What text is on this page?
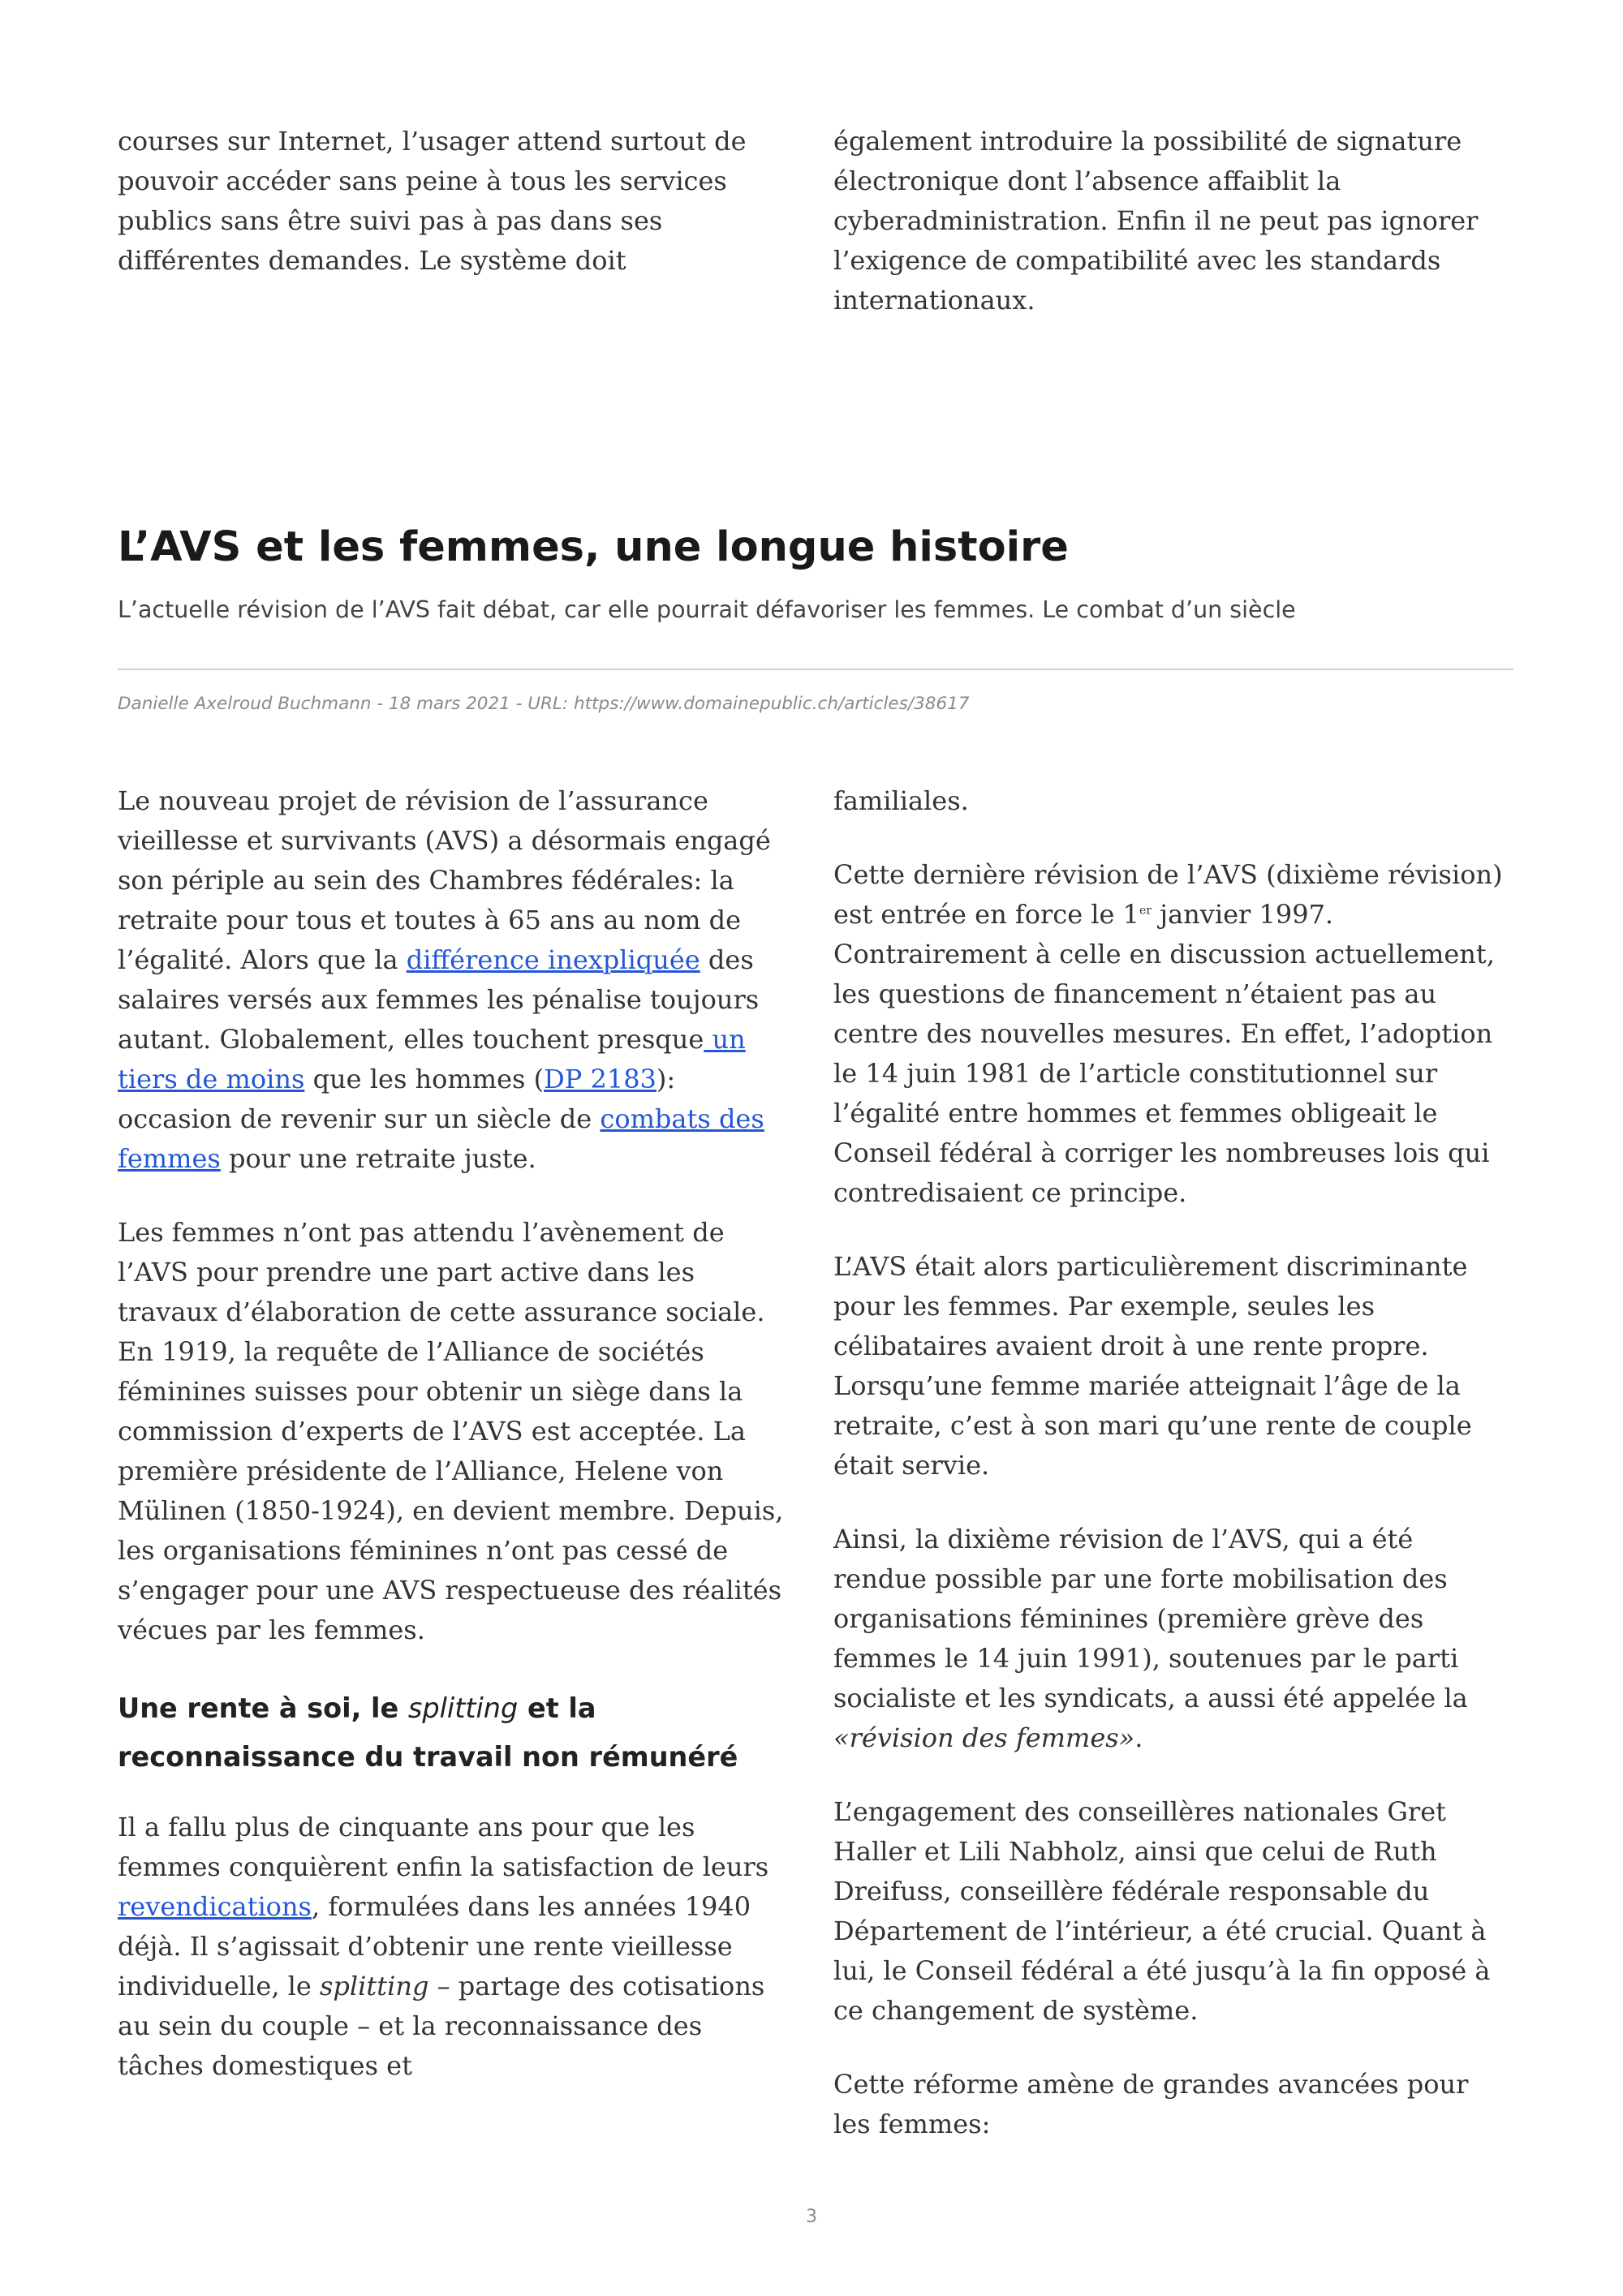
courses sur Internet, l’usager attend surtout de pouvoir accéder sans peine à tous les services publics sans être suivi pas à pas dans ses différentes demandes. Le système doit

également introduire la possibilité de signature électronique dont l’absence affaiblit la cyberadministration. Enfin il ne peut pas ignorer l’exigence de compatibilité avec les standards internationaux.

L’AVS et les femmes, une longue histoire

L’actuelle révision de l’AVS fait débat, car elle pourrait défavoriser les femmes. Le combat d’un siècle

Danielle Axelroud Buchmann - 18 mars 2021 - URL: https://www.domainepublic.ch/articles/38617

Le nouveau projet de révision de l’assurance vieillesse et survivants (AVS) a désormais engagé son périple au sein des Chambres fédérales: la retraite pour tous et toutes à 65 ans au nom de l’égalité. Alors que la différence inexpliquée des salaires versés aux femmes les pénalise toujours autant. Globalement, elles touchent presque un tiers de moins que les hommes (DP 2183): occasion de revenir sur un siècle de combats des femmes pour une retraite juste.

Les femmes n’ont pas attendu l’avènement de l’AVS pour prendre une part active dans les travaux d’élaboration de cette assurance sociale. En 1919, la requête de l’Alliance de sociétés féminines suisses pour obtenir un siège dans la commission d’experts de l’AVS est acceptée. La première présidente de l’Alliance, Helene von Mülinen (1850-1924), en devient membre. Depuis, les organisations féminines n’ont pas cessé de s’engager pour une AVS respectueuse des réalités vécues par les femmes.

Une rente à soi, le splitting et la reconnaissance du travail non rémunéré

Il a fallu plus de cinquante ans pour que les femmes conquièrent enfin la satisfaction de leurs revendications, formulées dans les années 1940 déjà. Il s’agissait d’obtenir une rente vieillesse individuelle, le splitting – partage des cotisations au sein du couple – et la reconnaissance des tâches domestiques et

familiales.

Cette dernière révision de l’AVS (dixième révision) est entrée en force le 1er janvier 1997. Contrairement à celle en discussion actuellement, les questions de financement n’étaient pas au centre des nouvelles mesures. En effet, l’adoption le 14 juin 1981 de l’article constitutionnel sur l’égalité entre hommes et femmes obligeait le Conseil fédéral à corriger les nombreuses lois qui contredisaient ce principe.

L’AVS était alors particulièrement discriminante pour les femmes. Par exemple, seules les célibataires avaient droit à une rente propre. Lorsqu’une femme mariée atteignait l’âge de la retraite, c’est à son mari qu’une rente de couple était servie.

Ainsi, la dixième révision de l’AVS, qui a été rendue possible par une forte mobilisation des organisations féminines (première grève des femmes le 14 juin 1991), soutenues par le parti socialiste et les syndicats, a aussi été appelée la «révision des femmes».

L’engagement des conseillères nationales Gret Haller et Lili Nabholz, ainsi que celui de Ruth Dreifuss, conseillère fédérale responsable du Département de l’intérieur, a été crucial. Quant à lui, le Conseil fédéral a été jusqu’à la fin opposé à ce changement de système.

Cette réforme amène de grandes avancées pour les femmes:

3
